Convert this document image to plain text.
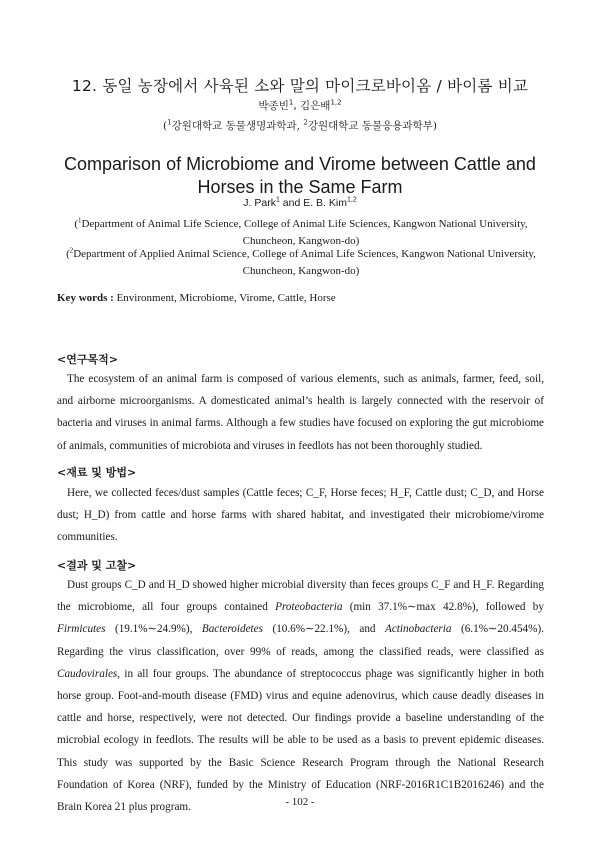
12. 동일 농장에서 사육된 소와 말의 마이크로바이옴 / 바이롬 비교
박종빈$^1$, 김은배$^{1,2}$
($^1$강원대학교 동물생명과학과, $^2$강원대학교 동물응용과학부)
Comparison of Microbiome and Virome between Cattle and Horses in the Same Farm
J. Park$^1$ and E. B. Kim$^{1,2}$
($^1$Department of Animal Life Science, College of Animal Life Sciences, Kangwon National University, Chuncheon, Kangwon-do)
($^2$Department of Applied Animal Science, College of Animal Life Sciences, Kangwon National University, Chuncheon, Kangwon-do)
Key words : Environment, Microbiome, Virome, Cattle, Horse
<연구목적>

The ecosystem of an animal farm is composed of various elements, such as animals, farmer, feed, soil, and airborne microorganisms. A domesticated animal’s health is largely connected with the reservoir of bacteria and viruses in animal farms. Although a few studies have focused on exploring the gut microbiome of animals, communities of microbiota and viruses in feedlots has not been thoroughly studied.

<재료 및 방법>

Here, we collected feces/dust samples (Cattle feces; C_F, Horse feces; H_F, Cattle dust; C_D, and Horse dust; H_D) from cattle and horse farms with shared habitat, and investigated their microbiome/virome communities.

<결과 및 고찰>

Dust groups C_D and H_D showed higher microbial diversity than feces groups C_F and H_F. Regarding the microbiome, all four groups contained Proteobacteria (min 37.1%∼max 42.8%), followed by Firmicutes (19.1%∼24.9%), Bacteroidetes (10.6%∼22.1%), and Actinobacteria (6.1%∼20.454%). Regarding the virus classification, over 99% of reads, among the classified reads, were classified as Caudovirales, in all four groups. The abundance of streptococcus phage was significantly higher in both horse group. Foot-and-mouth disease (FMD) virus and equine adenovirus, which cause deadly diseases in cattle and horse, respectively, were not detected. Our findings provide a baseline understanding of the microbial ecology in feedlots. The results will be able to be used as a basis to prevent epidemic diseases. This study was supported by the Basic Science Research Program through the National Research Foundation of Korea (NRF), funded by the Ministry of Education (NRF-2016R1C1B2016246) and the Brain Korea 21 plus program.	- 102 -
